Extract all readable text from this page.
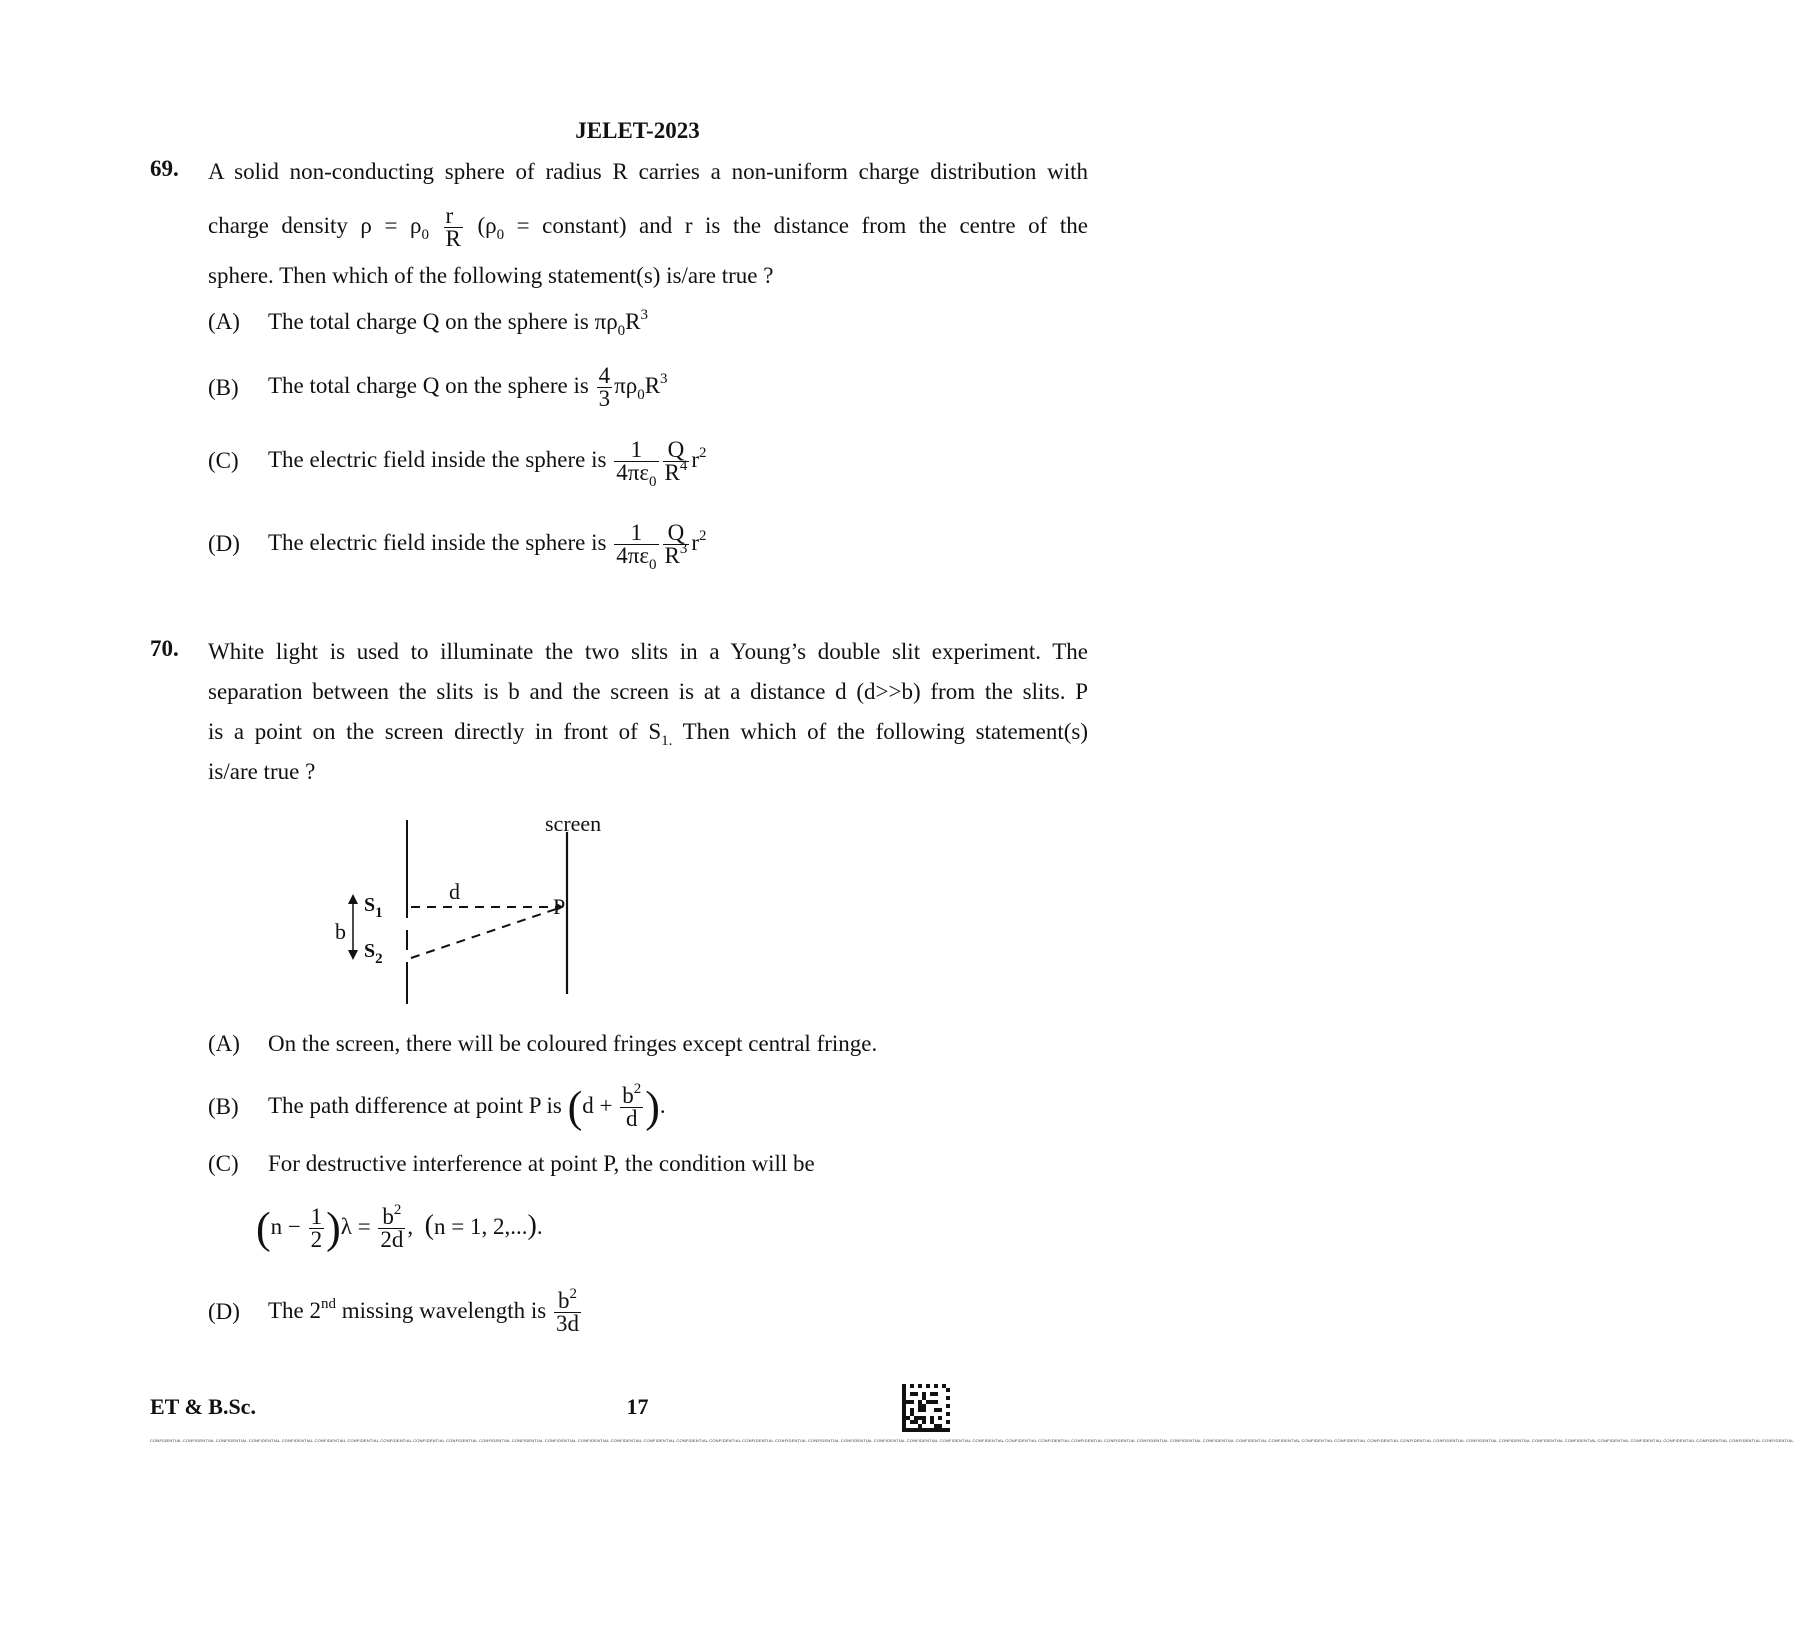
JELET-2023
69. A solid non-conducting sphere of radius R carries a non-uniform charge distribution with
charge density $\rho = \rho_0 \frac{r}{R} (\rho_0$ = constant) and r is the distance from the centre of the
sphere. Then which of the following statement(s) is/are true ?
(A) The total charge Q on the sphere is $\pi\rho_0R^3$
(B) The total charge Q on the sphere is $\frac{4}{3} \pi\rho_0R^3$
(C) The electric field inside the sphere is $\frac{1}{4\pi\varepsilon_0} \frac{Q}{R^4} r^2$
(D) The electric field inside the sphere is $\frac{1}{4\pi\varepsilon_0} \frac{Q}{R^3} r^2$
70. White light is used to illuminate the two slits in a Young’s double slit experiment. The
separation between the slits is b and the screen is at a distance d (d>>b) from the slits. P
is a point on the screen directly in front of $S_{1.}$ Then which of the following statement(s)
is/are true ?
screen
d
P
b
$S_1$
$S_2$
(A) On the screen, there will be coloured fringes except central fringe.
(B) The path difference at point P is ($d + \frac{b^2}{d}$ ).
(C) For destructive interference at point P, the condition will be
$(n - \frac{1}{2} )\lambda = \frac{b^2}{2d}$ , (n = 1, 2,...).
(D) The 2nd missing wavelength is $\frac{b^2}{3d}$
CONFIDENTIAL CONFIDENTIAL CONFIDENTIAL CONFIDENTIAL CONFIDENTIAL CONFIDENTIAL CONFIDENTIAL CONFIDENTIAL CONFIDENTIAL CONFIDENTIAL CONFIDENTIAL CONFIDENTIAL CONFIDENTIAL CONFIDENTIAL CONFIDENTIAL CONFIDENTIAL CONFIDENTIAL CONFIDENTIAL CONFIDENTIAL CONFIDENTIAL CONFIDENTIAL CONFIDENTIAL CONFIDENTIAL CONFIDENTIAL CONFIDENTIAL CONFIDENTIAL CONFIDENTIAL CONFIDENTIAL CONFIDENTIAL CONFIDENTIAL CONFIDENTIAL CONFIDENTIAL CONFIDENTIAL CONFIDENTIAL CONFIDENTIAL CONFIDENTIAL CONFIDENTIAL CONFIDENTIAL CONFIDENTIAL CONFIDENTIAL CONFIDENTIAL CONFIDENTIAL CONFIDENTIAL CONFIDENTIAL CONFIDENTIAL CONFIDENTIAL CONFIDENTIAL CONFIDENTIAL CONFIDENTIAL CONFIDENTIAL
ET & B.Sc.	17
